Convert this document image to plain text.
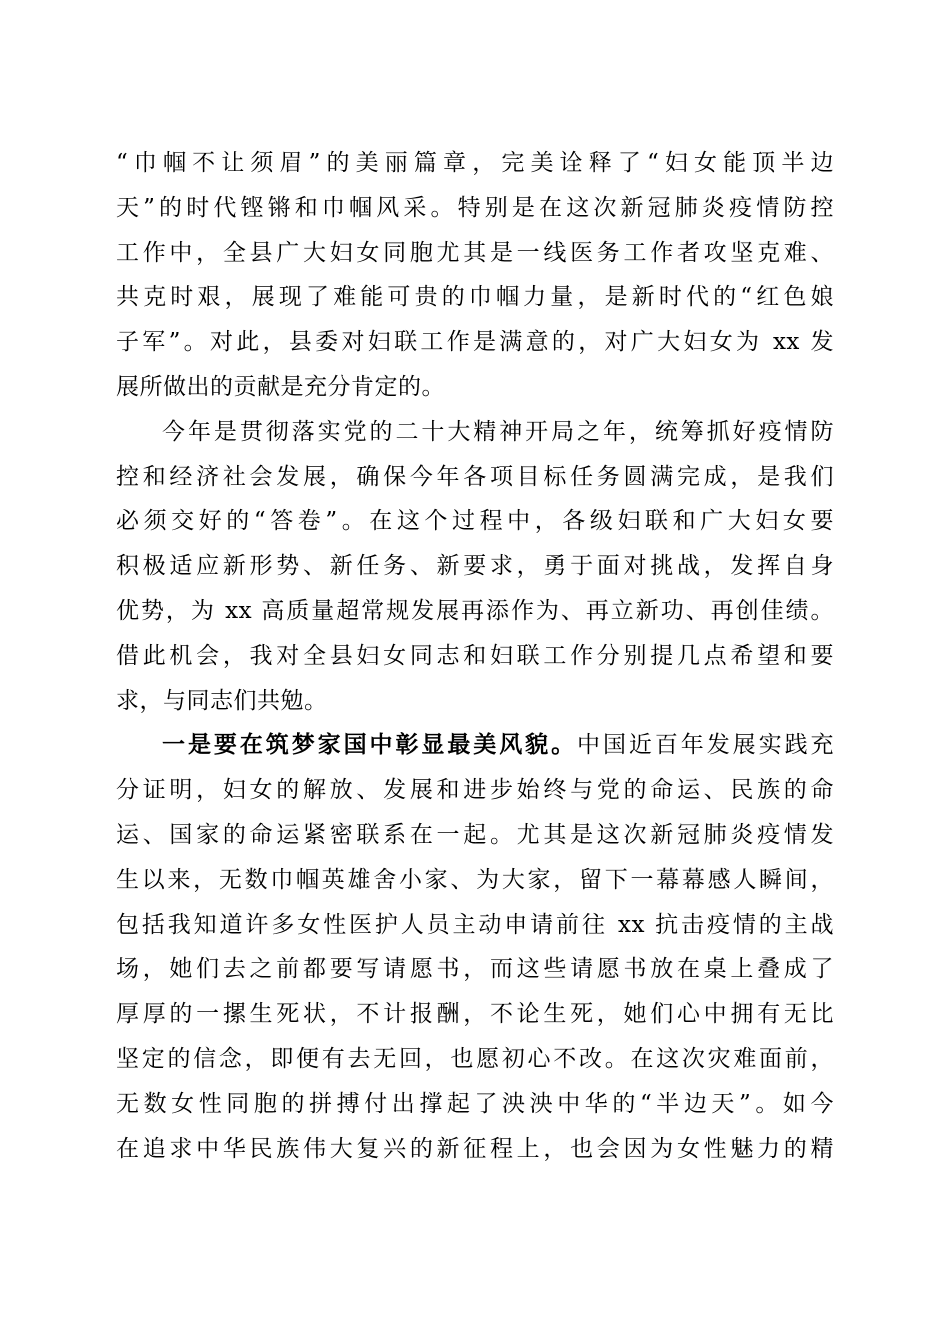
“巾帼不让须眉”的美丽篇章，完美诠释了“妇女能顶半边
天”的时代铿锵和巾帼风采。特别是在这次新冠肺炎疫情防控
工作中，全县广大妇女同胞尤其是一线医务工作者攻坚克难、
共克时艰，展现了难能可贵的巾帼力量，是新时代的“红色娘
子军”。对此，县委对妇联工作是满意的，对广大妇女为 xx 发
展所做出的贡献是充分肯定的。
今年是贯彻落实党的二十大精神开局之年，统筹抓好疫情防
控和经济社会发展，确保今年各项目标任务圆满完成，是我们
必须交好的“答卷”。在这个过程中，各级妇联和广大妇女要
积极适应新形势、新任务、新要求，勇于面对挑战，发挥自身
优势，为 xx 高质量超常规发展再添作为、再立新功、再创佳绩。
借此机会，我对全县妇女同志和妇联工作分别提几点希望和要
求，与同志们共勉。
一是要在筑梦家国中彰显最美风貌。中国近百年发展实践充
分证明，妇女的解放、发展和进步始终与党的命运、民族的命
运、国家的命运紧密联系在一起。尤其是这次新冠肺炎疫情发
生以来，无数巾帼英雄舍小家、为大家，留下一幕幕感人瞬间，
包括我知道许多女性医护人员主动申请前往 xx 抗击疫情的主战
场，她们去之前都要写请愿书，而这些请愿书放在桌上叠成了
厚厚的一摞生死状，不计报酬，不论生死，她们心中拥有无比
坚定的信念，即便有去无回，也愿初心不改。在这次灾难面前，
无数女性同胞的拼搏付出撑起了泱泱中华的“半边天”。如今
在追求中华民族伟大复兴的新征程上，也会因为女性魅力的精
